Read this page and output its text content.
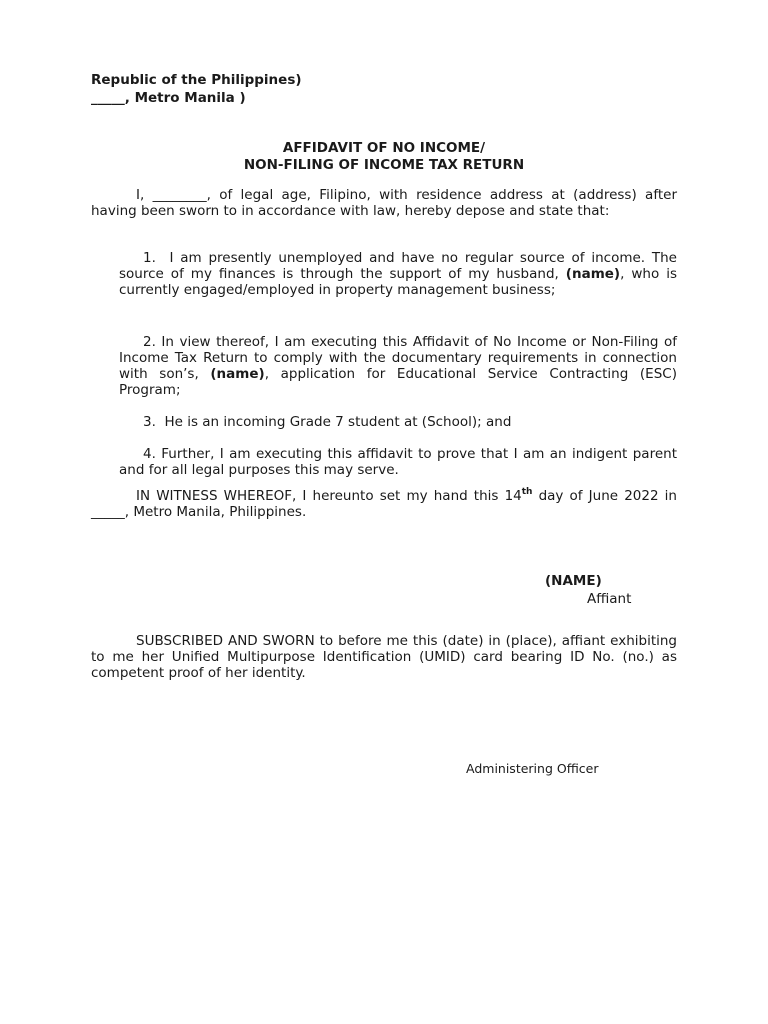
Republic of the Philippines)
_____, Metro Manila )
AFFIDAVIT OF NO INCOME/
NON-FILING OF INCOME TAX RETURN
I, ________, of legal age, Filipino, with residence address at (address) after having been sworn to in accordance with law, hereby depose and state that:
1.  I am presently unemployed and have no regular source of income. The source of my finances is through the support of my husband, (name), who is currently engaged/employed in property management business;
2. In view thereof, I am executing this Affidavit of No Income or Non-Filing of Income Tax Return to comply with the documentary requirements in connection with son’s, (name), application for Educational Service Contracting (ESC) Program;
3.  He is an incoming Grade 7 student at (School); and
4. Further, I am executing this affidavit to prove that I am an indigent parent and for all legal purposes this may serve.
IN WITNESS WHEREOF, I hereunto set my hand this 14th day of June 2022 in _____, Metro Manila, Philippines.
(NAME)
Affiant
SUBSCRIBED AND SWORN to before me this (date) in (place), affiant exhibiting to me her Unified Multipurpose Identification (UMID) card bearing ID No. (no.) as competent proof of her identity.
Administering Officer
